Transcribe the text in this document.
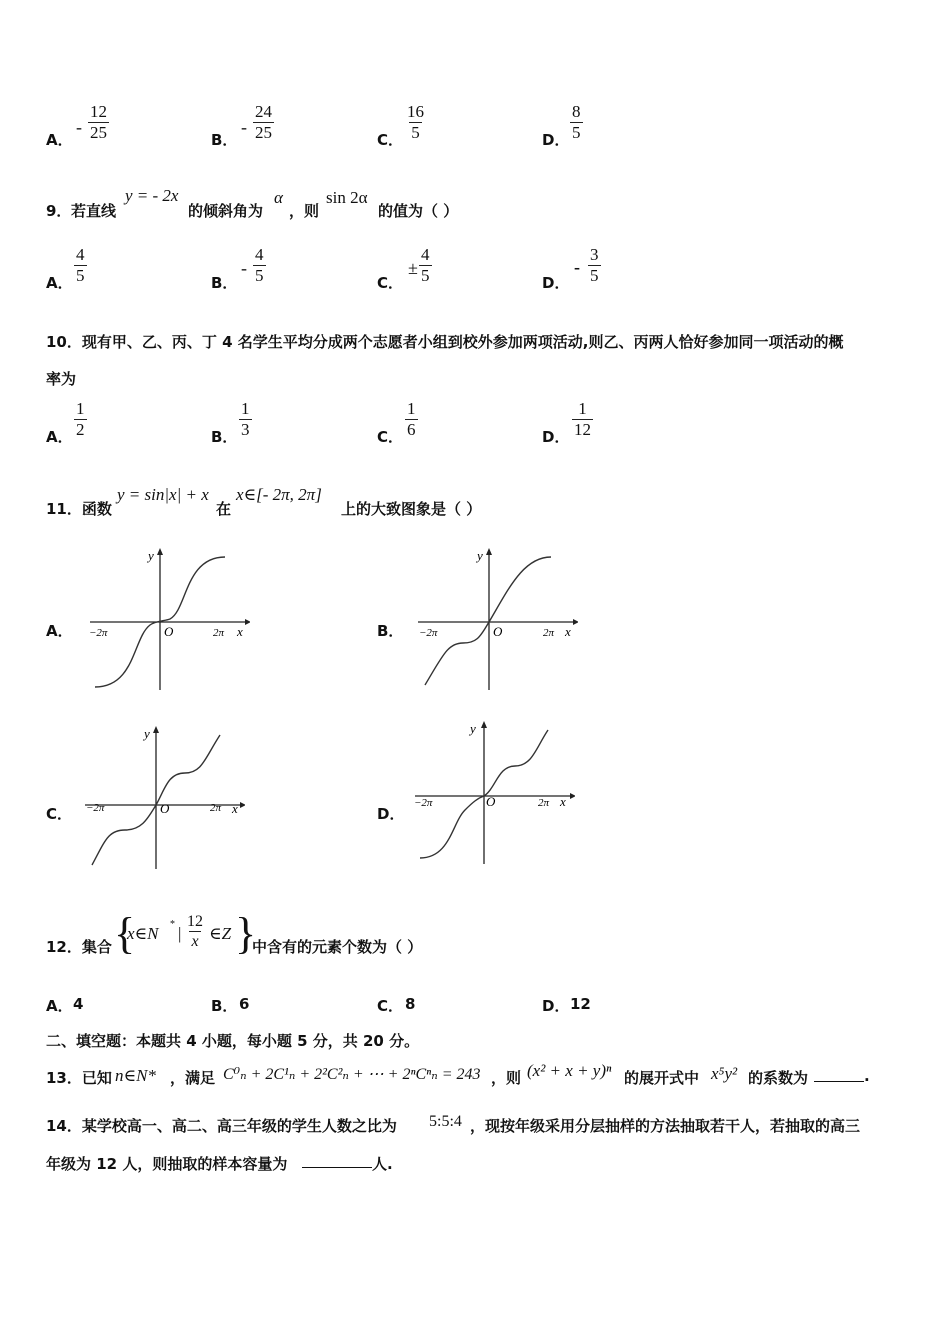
A．
- $\frac{12}{25}$	B．
- $\frac{24}{25}$	C． $\frac{16}{5}$	D． $\frac{8}{5}$
9． 若直线
y = - 2x
的倾斜角为
α
，则
sin 2α
的值为（ ）
A． $\frac{4}{5}$	B．
- $\frac{4}{5}$	C．
± $\frac{4}{5}$	D．
- $\frac{3}{5}$
10．现有甲、乙、丙、丁 4 名学生平均分成两个志愿者小组到校外参加两项活动,则乙、丙两人恰好参加同一项活动的概
率为
A． $\frac{1}{2}$	B． $\frac{1}{3}$	C． $\frac{1}{6}$	D． $\frac{1}{12}$
11．函数
y = sin|x| + x
在
x∈[- 2π, 2π]
上的大致图象是（ ）
A．	B．
C．	D．
y
x
O
−2π	2π
y
x
O
−2π	2π
y
x
O
−2π	2π
y
x
O
−2π	2π
12．集合 {
x∈N * | $\frac{12}{x}$ ∈Z }
中含有的元素个数为（ ）
A． 4	B． 6	C． 8	D． 12
二、填空题：本题共 4 小题，每小题 5 分，共 20 分。
13．已知 n∈N* ，满足 C⁰ₙ + 2C¹ₙ + 2²C²ₙ + ⋯ + 2ⁿCⁿₙ = 243 ，则 (x² + x + y)ⁿ 的展开式中 x⁵y² 的系数为	.
14．某学校高一、高二、高三年级的学生人数之比为 5:5:4 ，现按年级采用分层抽样的方法抽取若干人，若抽取的高三
年级为 12 人，则抽取的样本容量为	人.
